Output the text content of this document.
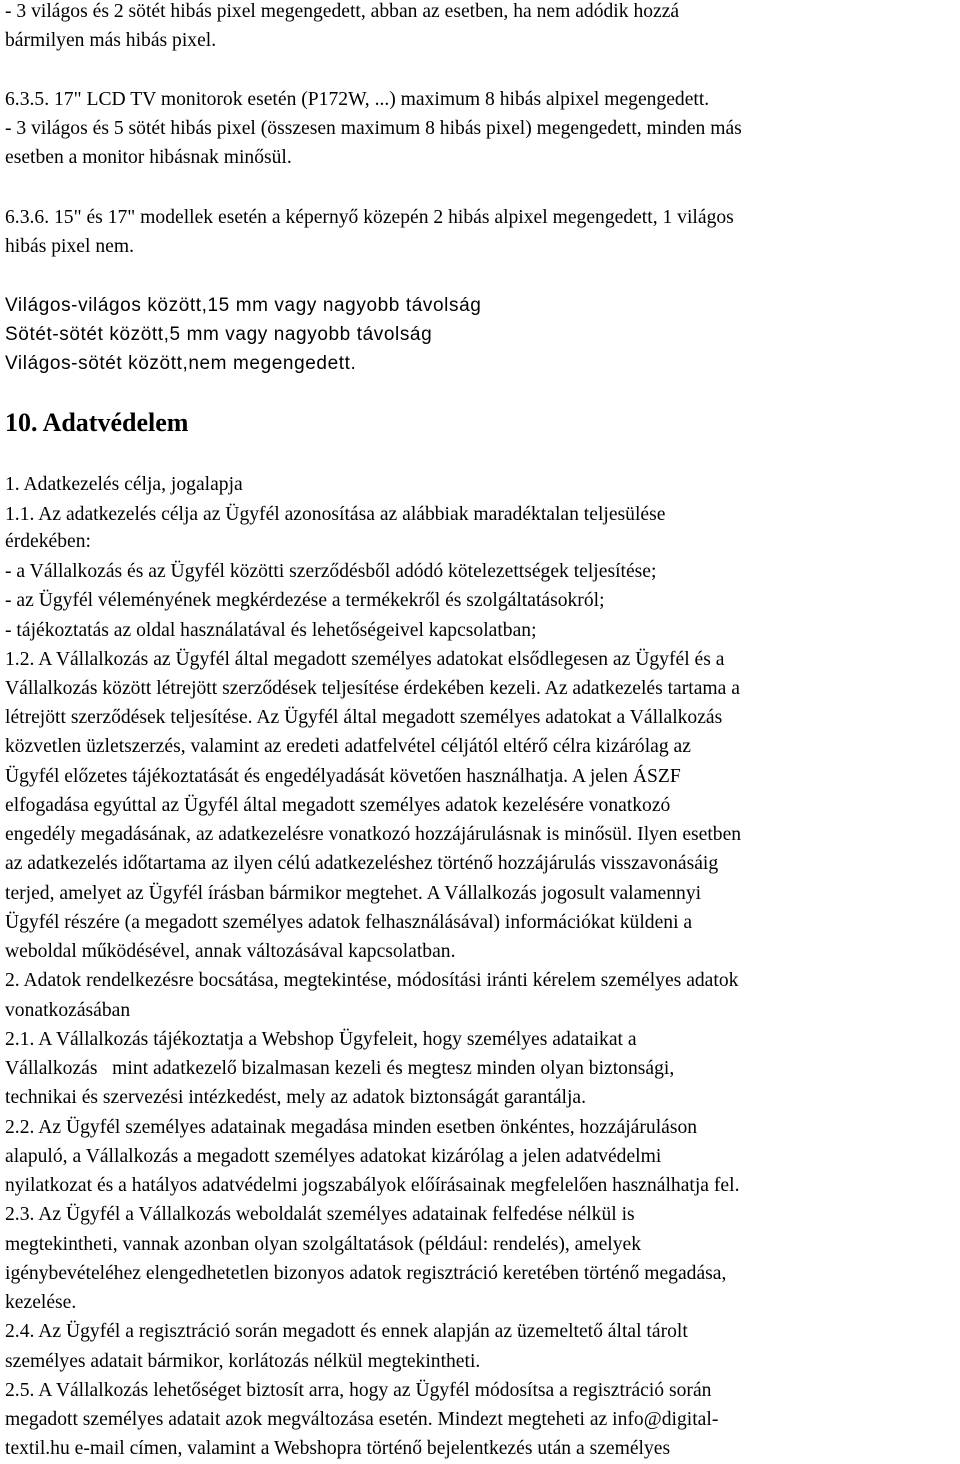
- 3 világos és 2 sötét hibás pixel megengedett, abban az esetben, ha nem adódik hozzá
bármilyen más hibás pixel.
6.3.5. 17" LCD TV monitorok esetén (P172W, ...) maximum 8 hibás alpixel megengedett.
- 3 világos és 5 sötét hibás pixel (összesen maximum 8 hibás pixel) megengedett, minden más
esetben a monitor hibásnak minősül.
6.3.6. 15" és 17" modellek esetén a képernyő közepén 2 hibás alpixel megengedett, 1 világos
hibás pixel nem.
Világos-világos között,15 mm vagy nagyobb távolság
Sötét-sötét között,5 mm vagy nagyobb távolság
Világos-sötét között,nem megengedett.
10. Adatvédelem
1. Adatkezelés célja, jogalapja
1.1. Az adatkezelés célja az Ügyfél azonosítása az alábbiak maradéktalan teljesülése
érdekében:
- a Vállalkozás és az Ügyfél közötti szerződésből adódó kötelezettségek teljesítése;
- az Ügyfél véleményének megkérdezése a termékekről és szolgáltatásokról;
- tájékoztatás az oldal használatával és lehetőségeivel kapcsolatban;
1.2. A Vállalkozás az Ügyfél által megadott személyes adatokat elsődlegesen az Ügyfél és a
Vállalkozás között létrejött szerződések teljesítése érdekében kezeli. Az adatkezelés tartama a
létrejött szerződések teljesítése. Az Ügyfél által megadott személyes adatokat a Vállalkozás
közvetlen üzletszerzés, valamint az eredeti adatfelvétel céljától eltérő célra kizárólag az
Ügyfél előzetes tájékoztatását és engedélyadását követően használhatja. A jelen ÁSZF
elfogadása egyúttal az Ügyfél által megadott személyes adatok kezelésére vonatkozó
engedély megadásának, az adatkezelésre vonatkozó hozzájárulásnak is minősül. Ilyen esetben
az adatkezelés időtartama az ilyen célú adatkezeléshez történő hozzájárulás visszavonásáig
terjed, amelyet az Ügyfél írásban bármikor megtehet. A Vállalkozás jogosult valamennyi
Ügyfél részére (a megadott személyes adatok felhasználásával) információkat küldeni a
weboldal működésével, annak változásával kapcsolatban.
2. Adatok rendelkezésre bocsátása, megtekintése, módosítási iránti kérelem személyes adatok
vonatkozásában
2.1. A Vállalkozás tájékoztatja a Webshop Ügyfeleit, hogy személyes adataikat a
Vállalkozás   mint adatkezelő bizalmasan kezeli és megtesz minden olyan biztonsági,
technikai és szervezési intézkedést, mely az adatok biztonságát garantálja.
2.2. Az Ügyfél személyes adatainak megadása minden esetben önkéntes, hozzájáruláson
alapuló, a Vállalkozás a megadott személyes adatokat kizárólag a jelen adatvédelmi
nyilatkozat és a hatályos adatvédelmi jogszabályok előírásainak megfelelően használhatja fel.
2.3. Az Ügyfél a Vállalkozás weboldalát személyes adatainak felfedése nélkül is
megtekintheti, vannak azonban olyan szolgáltatások (például: rendelés), amelyek
igénybevételéhez elengedhetetlen bizonyos adatok regisztráció keretében történő megadása,
kezelése.
2.4. Az Ügyfél a regisztráció során megadott és ennek alapján az üzemeltető által tárolt
személyes adatait bármikor, korlátozás nélkül megtekintheti.
2.5. A Vállalkozás lehetőséget biztosít arra, hogy az Ügyfél módosítsa a regisztráció során
megadott személyes adatait azok megváltozása esetén. Mindezt megteheti az info@digital-
textil.hu e-mail címen, valamint a Webshopra történő bejelentkezés után a személyes
